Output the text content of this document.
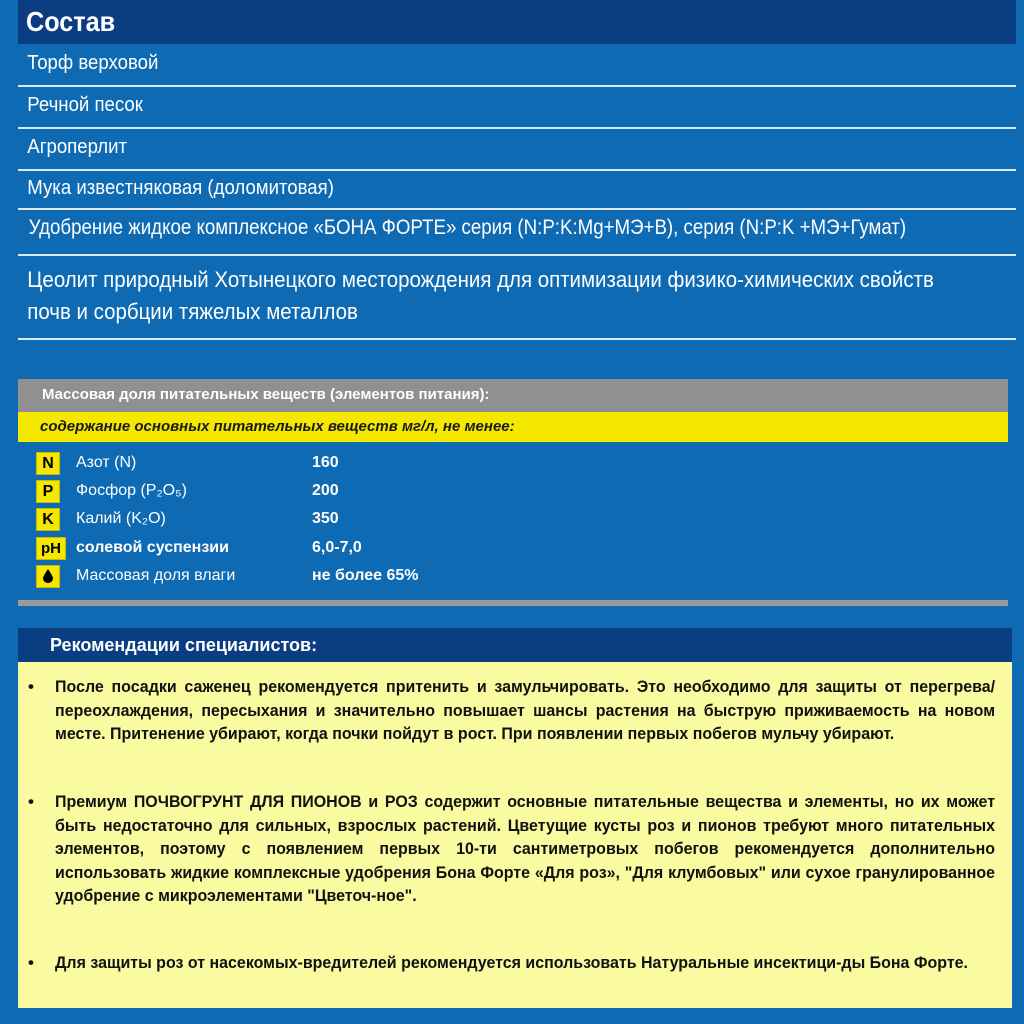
Состав
Торф верховой
Речной песок
Агроперлит
Мука известняковая (доломитовая)
Удобрение жидкое комплексное «БОНА ФОРТЕ» серия (N:P:K:Mg+МЭ+B), серия (N:P:K +МЭ+Гумат)
Цеолит природный Хотынецкого месторождения для оптимизации физико-химических свойств почв и сорбции тяжелых металлов
Массовая доля питательных веществ (элементов питания):
содержание основных питательных веществ мг/л, не менее:
N	Азот (N)	160
P	Фосфор (P₂O₅)	200
K	Калий (K₂O)	350
pH солевой суспензии	6,0-7,0
Массовая доля влаги	не более 65%
Рекомендации специалистов:
•	После посадки саженец рекомендуется притенить и замульчировать. Это необходимо для защиты от перегрева/переохлаждения, пересыхания и значительно повышает шансы растения на быструю приживаемость на новом месте. Притенение убирают, когда почки пойдут в рост. При появлении первых побегов мульчу убирают.
•	Премиум ПОЧВОГРУНТ ДЛЯ ПИОНОВ и РОЗ содержит основные питательные вещества и элементы, но их может быть недостаточно для сильных, взрослых растений. Цветущие кусты роз и пионов требуют много питательных элементов, поэтому с появлением первых 10-ти сантиметровых побегов рекомендуется дополнительно использовать жидкие комплексные удобрения Бона Форте «Для роз», "Для клумбовых" или сухое гранулированное удобрение с микроэлементами "Цветоч-ное".
•	Для защиты роз от насекомых-вредителей рекомендуется использовать Натуральные инсектици-ды Бона Форте.
